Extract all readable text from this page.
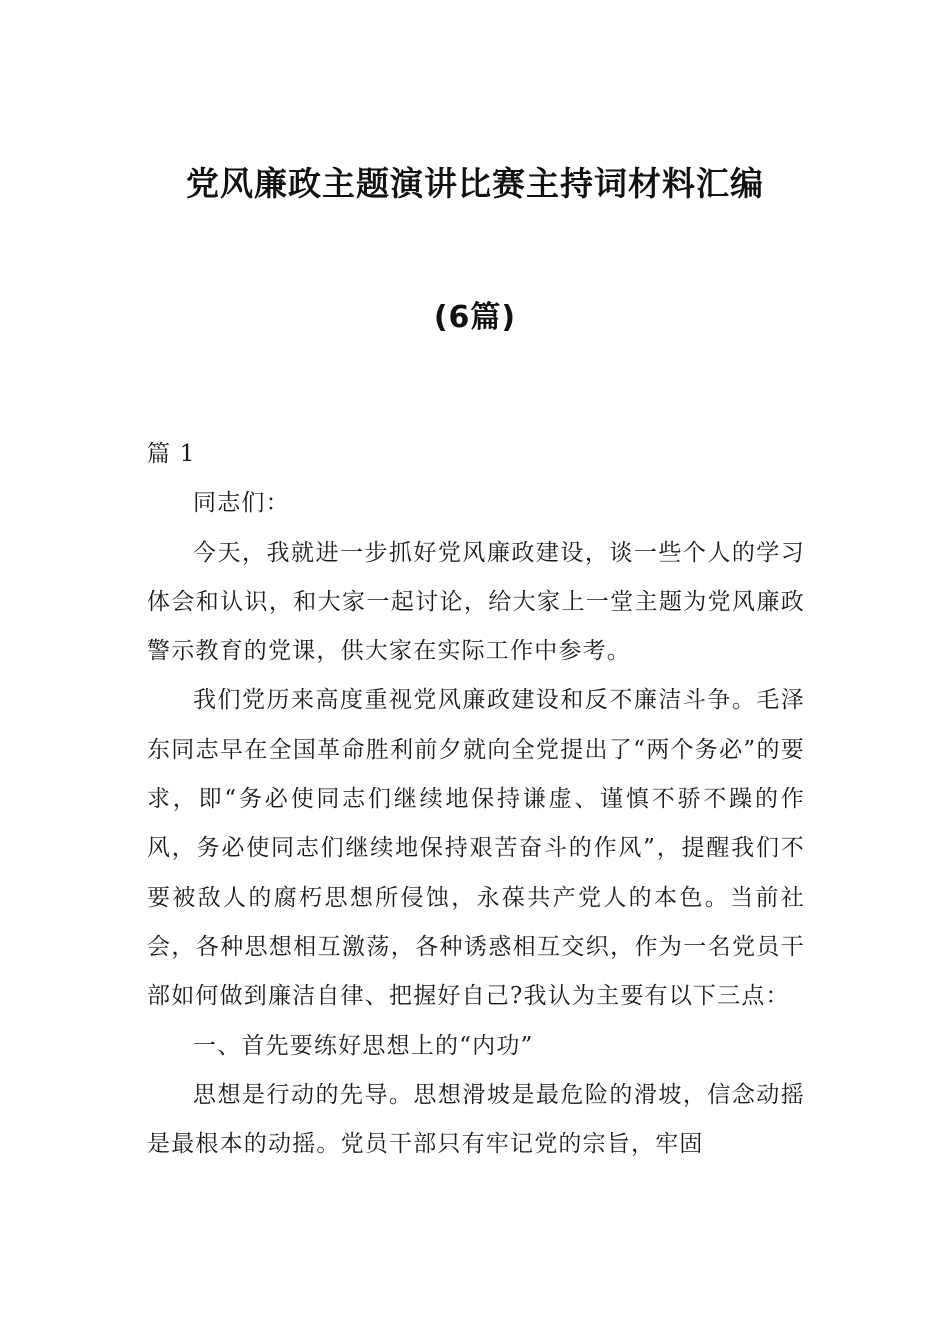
党风廉政主题演讲比赛主持词材料汇编
(6篇)

篇 1

同志们：

今天，我就进一步抓好党风廉政建设，谈一些个人的学习体会和认识，和大家一起讨论，给大家上一堂主题为党风廉政警示教育的党课，供大家在实际工作中参考。

我们党历来高度重视党风廉政建设和反不廉洁斗争。毛泽东同志早在全国革命胜利前夕就向全党提出了“两个务必”的要求，即“务必使同志们继续地保持谦虚、谨慎不骄不躁的作风，务必使同志们继续地保持艰苦奋斗的作风”，提醒我们不要被敌人的腐朽思想所侵蚀，永葆共产党人的本色。当前社会，各种思想相互激荡，各种诱惑相互交织，作为一名党员干部如何做到廉洁自律、把握好自己?我认为主要有以下三点：

一、首先要练好思想上的“内功”

思想是行动的先导。思想滑坡是最危险的滑坡，信念动摇是最根本的动摇。党员干部只有牢记党的宗旨，牢固
